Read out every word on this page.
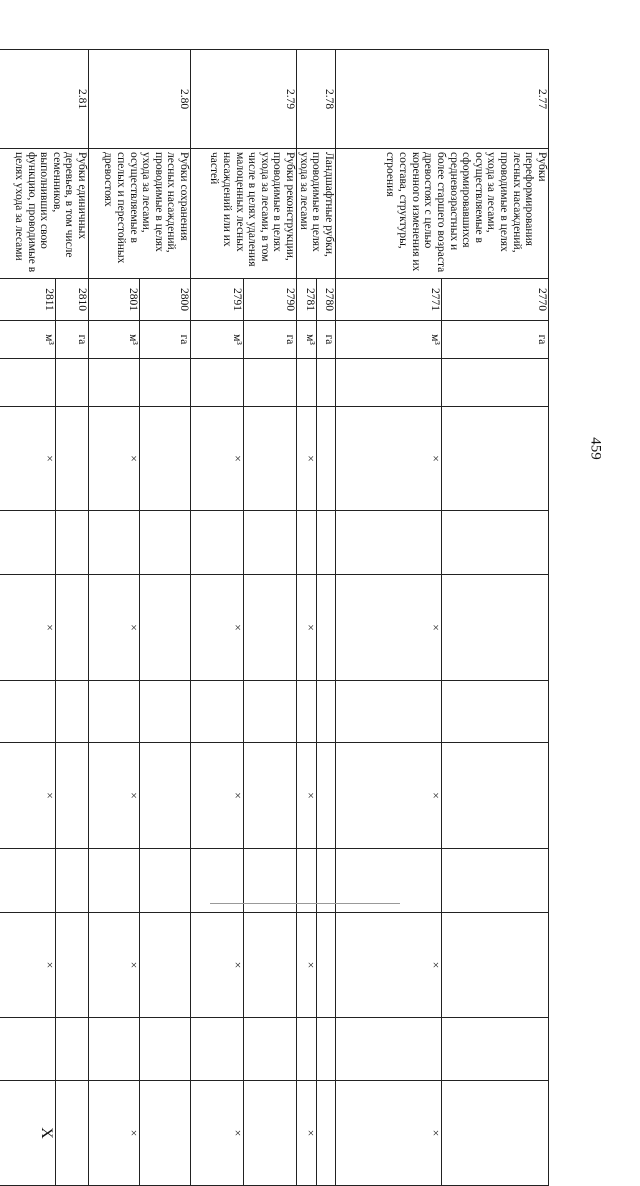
459
2.77	Рубки переформирования лесных насаждений, проводимые в целях ухода за лесами, осуществляемые в сформировавшихся средневозрастных и более старшего возраста древостоях с целью коренного изменения их состава, структуры, строения	2770	га										
		2771	м³		×		×		×		×		×
2.78	Ландшафтные рубки, проводимые в целях ухода за лесами	2780	га										
		2781	м³		×		×		×		×		×
2.79	Рубки реконструкции, проводимые в целях ухода за лесами, в том числе в целях удаления малоценных лесных насаждений или их частей	2790	га										
		2791	м³		×		×		×		×		×
2.80	Рубки сохранения лесных насаждений, проводимые в целях ухода за лесами, осуществляемые в спелых и перестойных древостоях	2800	га										
		2801	м³		×		×		×		×		×
2.81	Рубки единичных деревьев, в том числе семенников, выполнивших свою функцию, проводимые в целях ухода за лесами	2810	га										
		2811	м³		×		×		×		×		X
